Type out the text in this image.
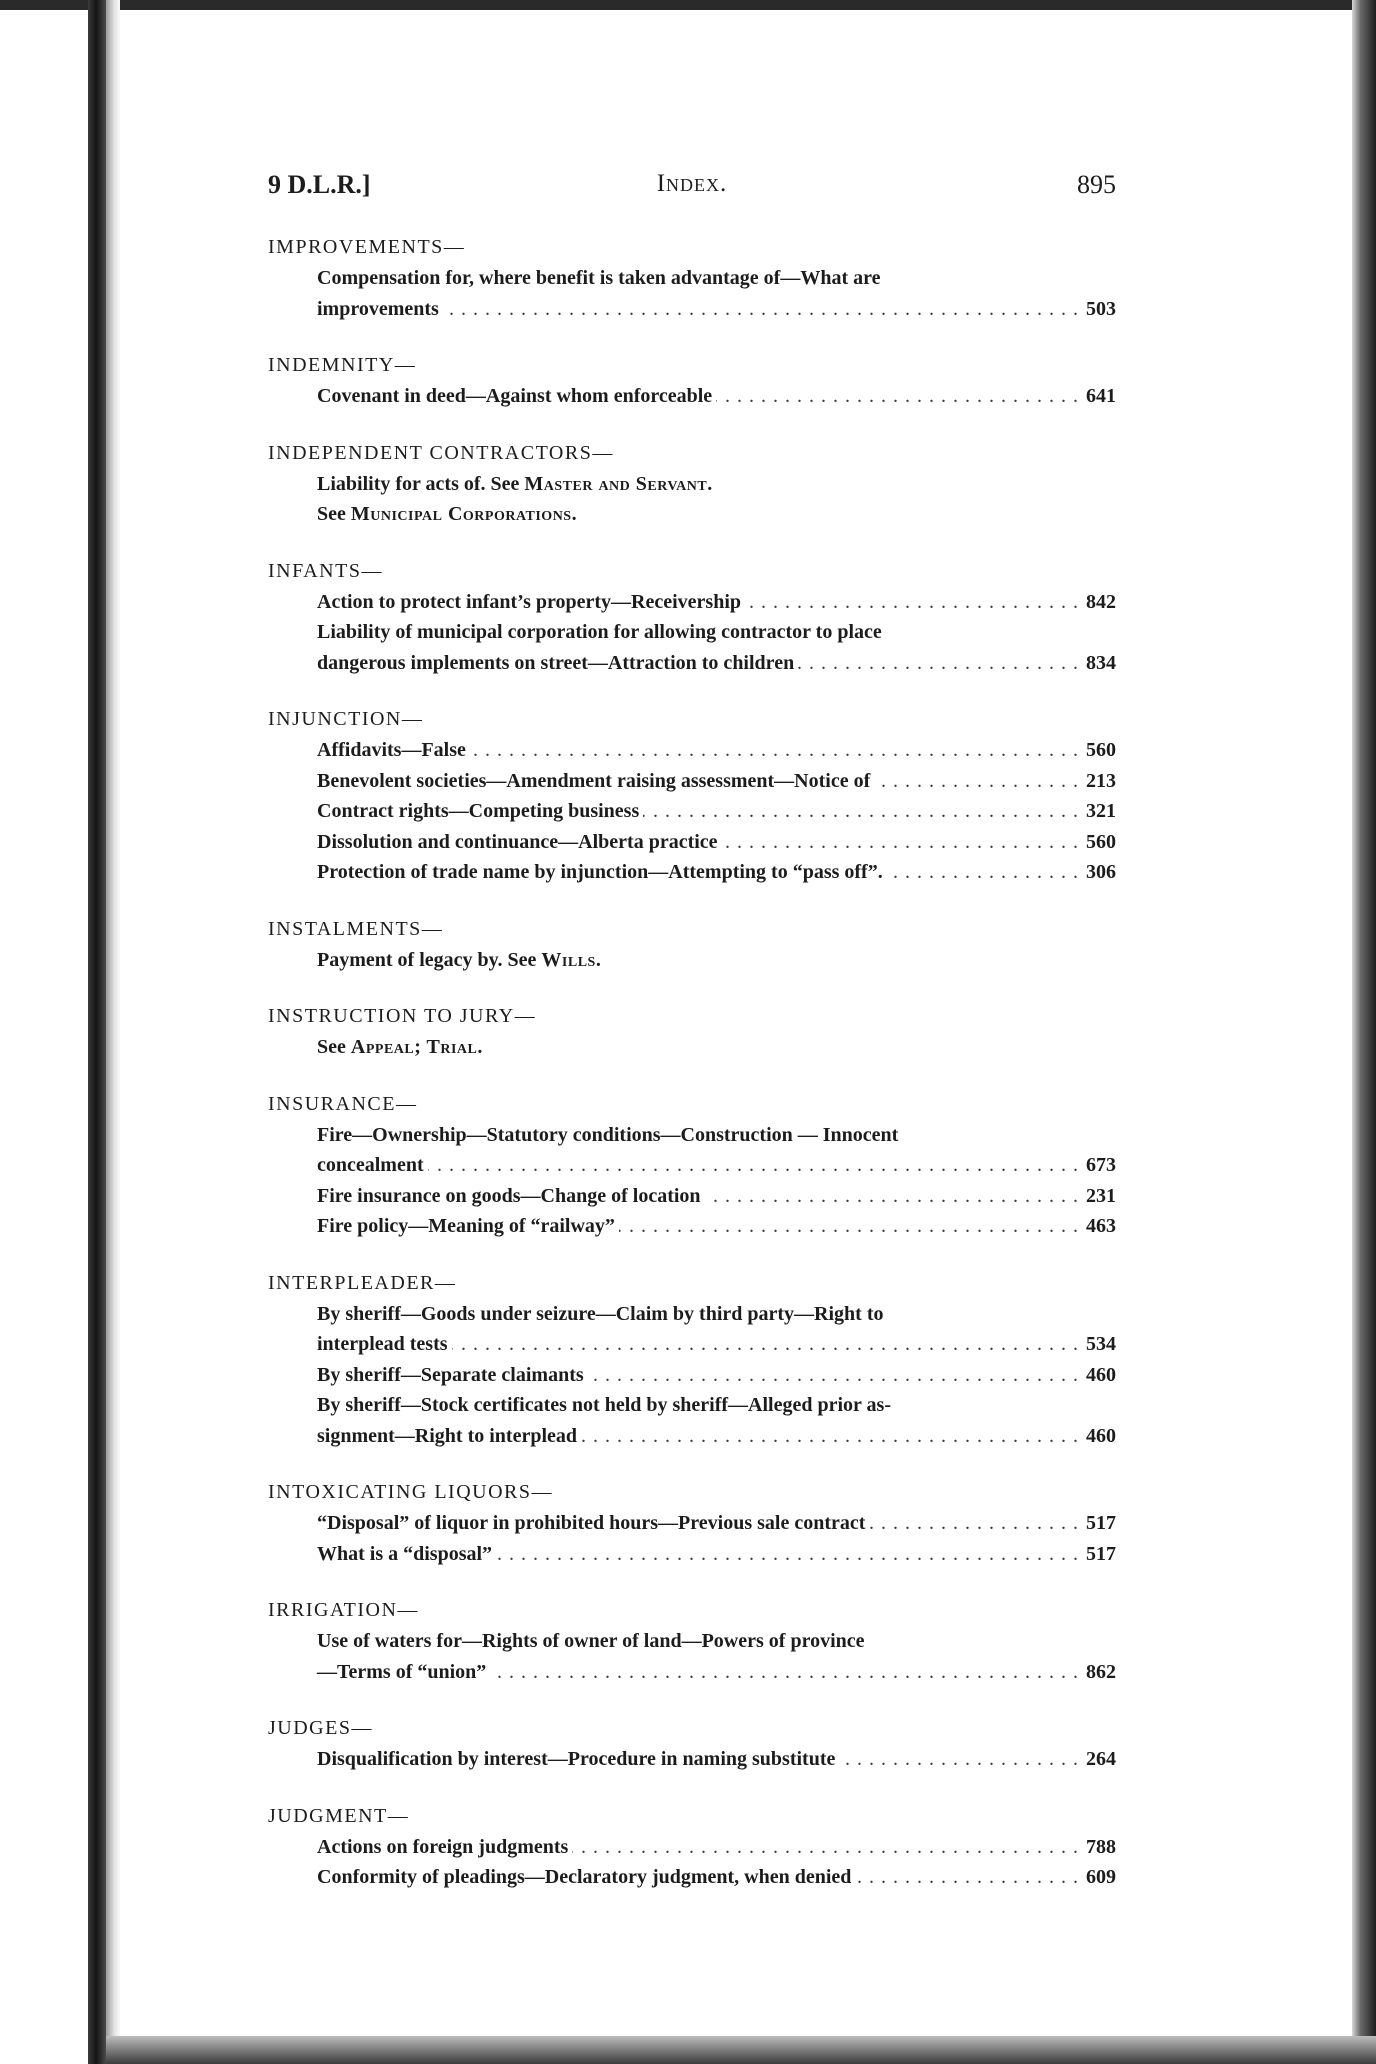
9 D.L.R.]	Index.	895
IMPROVEMENTS—
Compensation for, where benefit is taken advantage of—What are
improvements	503
. . .
INDEMNITY—
Covenant in deed—Against whom enforceable	641
. . .
INDEPENDENT CONTRACTORS—
Liability for acts of. See Master and Servant.
See Municipal Corporations.
INFANTS—
Action to protect infant’s property—Receivership	842
. . .
Liability of municipal corporation for allowing contractor to place
dangerous implements on street—Attraction to children	834
. . .
INJUNCTION—
Affidavits—False	560
. . .
Benevolent societies—Amendment raising assessment—Notice of	213
. . .
Contract rights—Competing business	321
. . .
Dissolution and continuance—Alberta practice	560
. . .
Protection of trade name by injunction—Attempting to “pass off”.	306
. . .
INSTALMENTS—
Payment of legacy by. See Wills.
INSTRUCTION TO JURY—
See Appeal; Trial.
INSURANCE—
Fire—Ownership—Statutory conditions—Construction — Innocent
concealment	673
. . .
Fire insurance on goods—Change of location	231
. . .
Fire policy—Meaning of “railway”	463
. . .
INTERPLEADER—
By sheriff—Goods under seizure—Claim by third party—Right to
interplead tests	534
. . .
By sheriff—Separate claimants	460
. . .
By sheriff—Stock certificates not held by sheriff—Alleged prior as-
signment—Right to interplead	460
. . .
INTOXICATING LIQUORS—
“Disposal” of liquor in prohibited hours—Previous sale contract	517
. . .
What is a “disposal”	517
. . .
IRRIGATION—
Use of waters for—Rights of owner of land—Powers of province
—Terms of “union”	862
. . .
JUDGES—
Disqualification by interest—Procedure in naming substitute	264
. . .
JUDGMENT—
Actions on foreign judgments	788
. . .
Conformity of pleadings—Declaratory judgment, when denied	609
. . .
